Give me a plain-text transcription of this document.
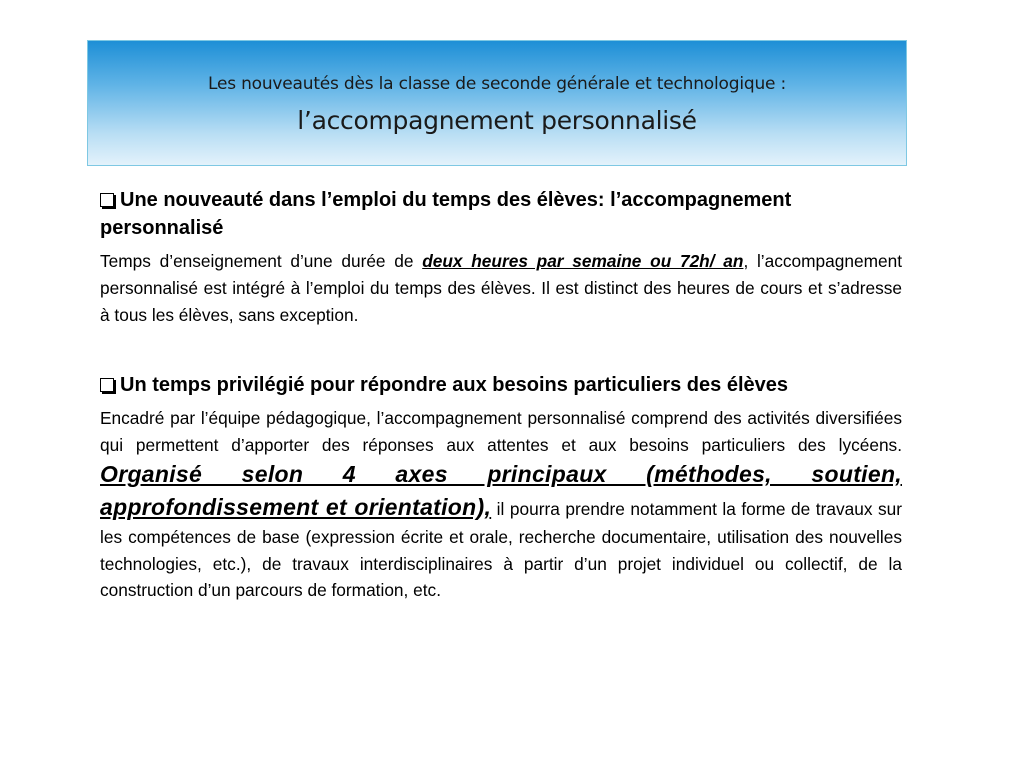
Les nouveautés dès la classe de seconde générale et technologique :
l’accompagnement personnalisé

Une nouveauté dans l’emploi du temps des élèves: l’accompagnement personnalisé

Temps d’enseignement d’une durée de deux heures par semaine ou 72h/ an, l’accompagnement personnalisé est intégré à l’emploi du temps des élèves. Il est distinct des heures de cours et s’adresse à tous les élèves, sans exception.

Un temps privilégié pour répondre aux besoins particuliers des élèves

Encadré par l’équipe pédagogique, l’accompagnement personnalisé comprend des activités diversifiées qui permettent d’apporter des réponses aux attentes et aux besoins particuliers des lycéens. Organisé selon 4 axes principaux (méthodes, soutien, approfondissement et orientation), il pourra prendre notamment la forme de travaux sur les compétences de base (expression écrite et orale, recherche documentaire, utilisation des nouvelles technologies, etc.), de travaux interdisciplinaires à partir d’un projet individuel ou collectif, de la construction d’un parcours de formation, etc.
